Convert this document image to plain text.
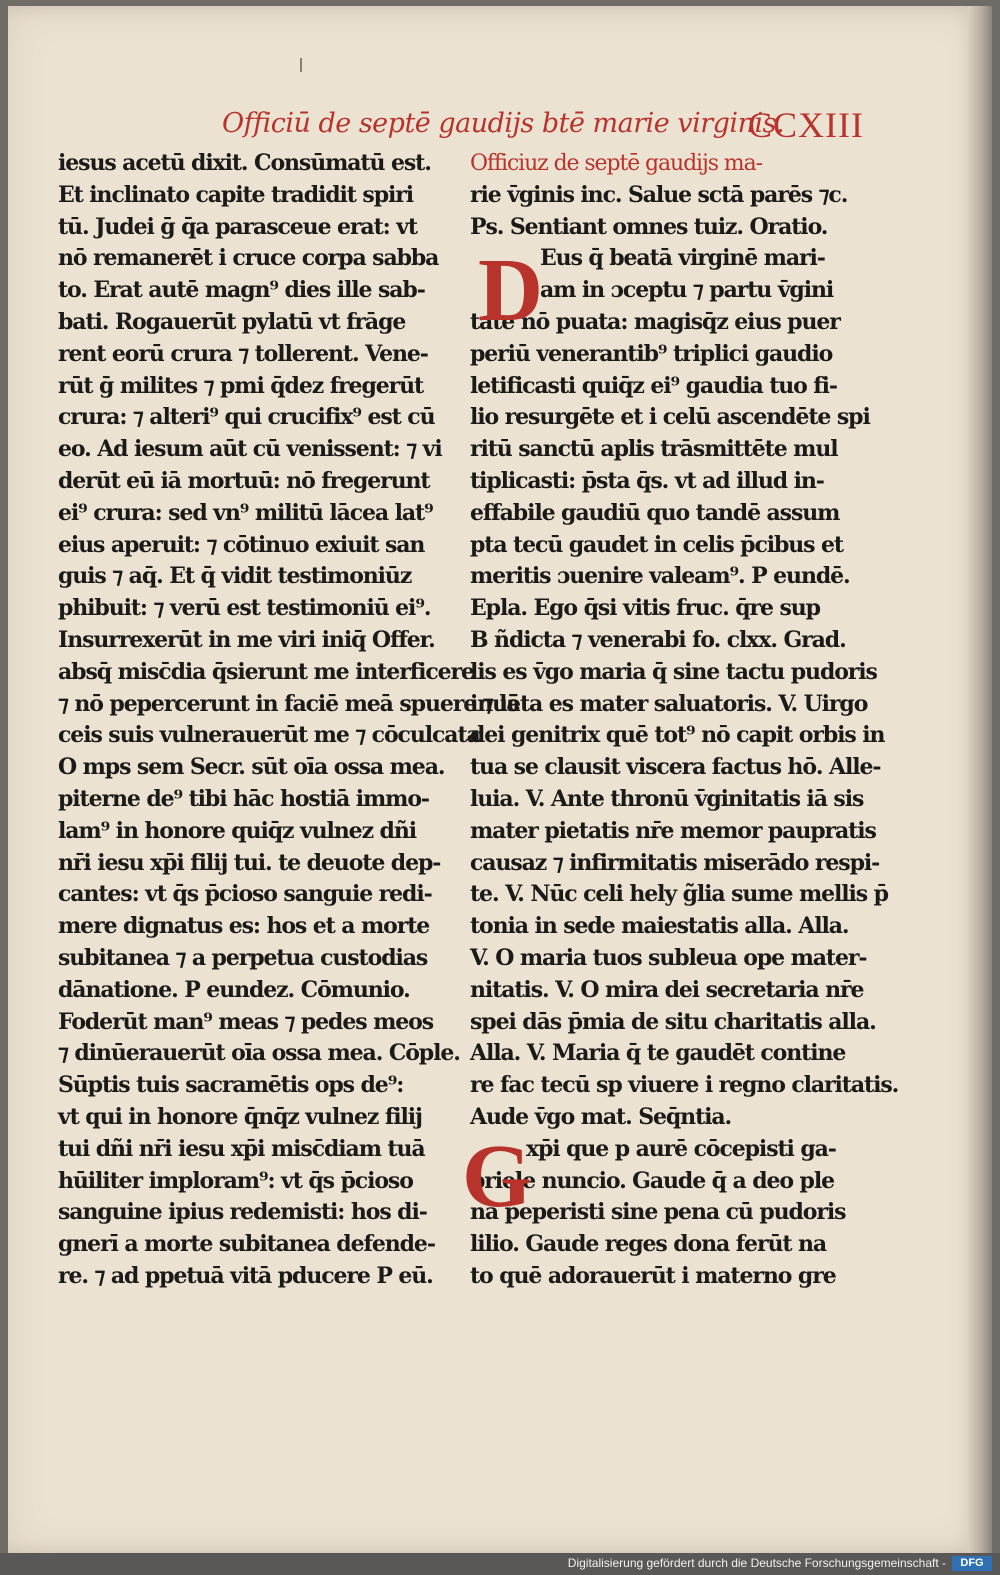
Officiū de septē gaudijs btē marie virginis.
CCXIII
iesus acetū dixit. Consūmatū est.
Et inclinato capite tradidit spiri
tū. Judei ḡ q̄a parasceue erat: vt
nō remanerēt i cruce corpa sabba
to. Erat autē magn⁹ dies ille sab-
bati. Rogauerūt pylatū vt frāge
rent eorū crura ⁊ tollerent. Vene-
rūt ḡ milites ⁊ pmi q̄dez fregerūt
crura: ⁊ alteri⁹ qui crucifix⁹ est cū
eo. Ad iesum aūt cū venissent: ⁊ vi
derūt eū iā mortuū: nō fregerunt
ei⁹ crura: sed vn⁹ militū lācea lat⁹
eius aperuit: ⁊ cōtinuo exiuit san
guis ⁊ aq̄. Et q̄ vidit testimoniūz
phibuit: ⁊ verū est testimoniū ei⁹.
Insurrexerūt in me viri iniq̄ Offer.
absq̄ misc̄dia q̄sierunt me interficere
⁊ nō pepercerunt in faciē meā spuere ⁊ lā
ceis suis vulnerauerūt me ⁊ cōculcata
O mps sem Secr. sūt oīa ossa mea.
piterne de⁹ tibi hāc hostiā immo-
lam⁹ in honore quiq̄z vulnez dñi
nr̄i iesu xp̄i filij tui. te deuote dep-
cantes: vt q̄s p̄cioso sanguie redi-
mere dignatus es: hos et a morte
subitanea ⁊ a perpetua custodias
dānatione. P eundez. Cōmunio.
Foderūt man⁹ meas ⁊ pedes meos
⁊ dinūerauerūt oīa ossa mea. Cōple.
Sūptis tuis sacramētis ops de⁹:
vt qui in honore q̄nq̄z vulnez filij
tui dñi nr̄i iesu xp̄i misc̄diam tuā
hūiliter imploram⁹: vt q̄s p̄cioso
sanguine ipius redemisti: hos di-
gnerī a morte subitanea defende-
re. ⁊ ad ppetuā vitā pducere P eū.
Officiuz de septē gaudijs ma-
rie v̄ginis inc. Salue sctā parēs ⁊c.
Ps. Sentiant omnes tuiz. Oratio.
Eus q̄ beatā virginē mari-
am in ɔceptu ⁊ partu v̄gini
tate nō puata: magisq̄z eius puer
periū venerantib⁹ triplici gaudio
letificasti quiq̄z ei⁹ gaudia tuo fi-
lio resurgēte et i celū ascendēte spi
ritū sanctū aplis trāsmittēte mul
tiplicasti: p̄sta q̄s. vt ad illud in-
effabile gaudiū quo tandē assum
pta tecū gaudet in celis p̄cibus et
meritis ɔuenire valeam⁹. P eundē.
Epla. Ego q̄si vitis fruc. q̄re sup
B ñdicta ⁊ venerabi fo. clxx. Grad.
lis es v̄go maria q̄ sine tactu pudoris
inuēta es mater saluatoris. V. Uirgo
dei genitrix quē tot⁹ nō capit orbis in
tua se clausit viscera factus hō. Alle-
luia. V. Ante thronū v̄ginitatis iā sis
mater pietatis nr̄e memor paupratis
causaz ⁊ infirmitatis miserādo respi-
te. V. Nūc celi hely g̃lia sume mellis p̄
tonia in sede maiestatis alla. Alla.
V. O maria tuos subleua ope mater-
nitatis. V. O mira dei secretaria nr̄e
spei dās p̄mia de situ charitatis alla.
Alla. V. Maria q̄ te gaudēt contine
re fac tecū sp viuere i regno claritatis.
Aude v̄go mat. Seq̄ntia.
xp̄i que p aurē cōcepisti ga-
briele nuncio. Gaude q̄ a deo ple
na peperisti sine pena cū pudoris
lilio. Gaude reges dona ferūt na
to quē adorauerūt i materno gre
D
G
Digitalisierung gefördert durch die Deutsche Forschungsgemeinschaft -	DFG
